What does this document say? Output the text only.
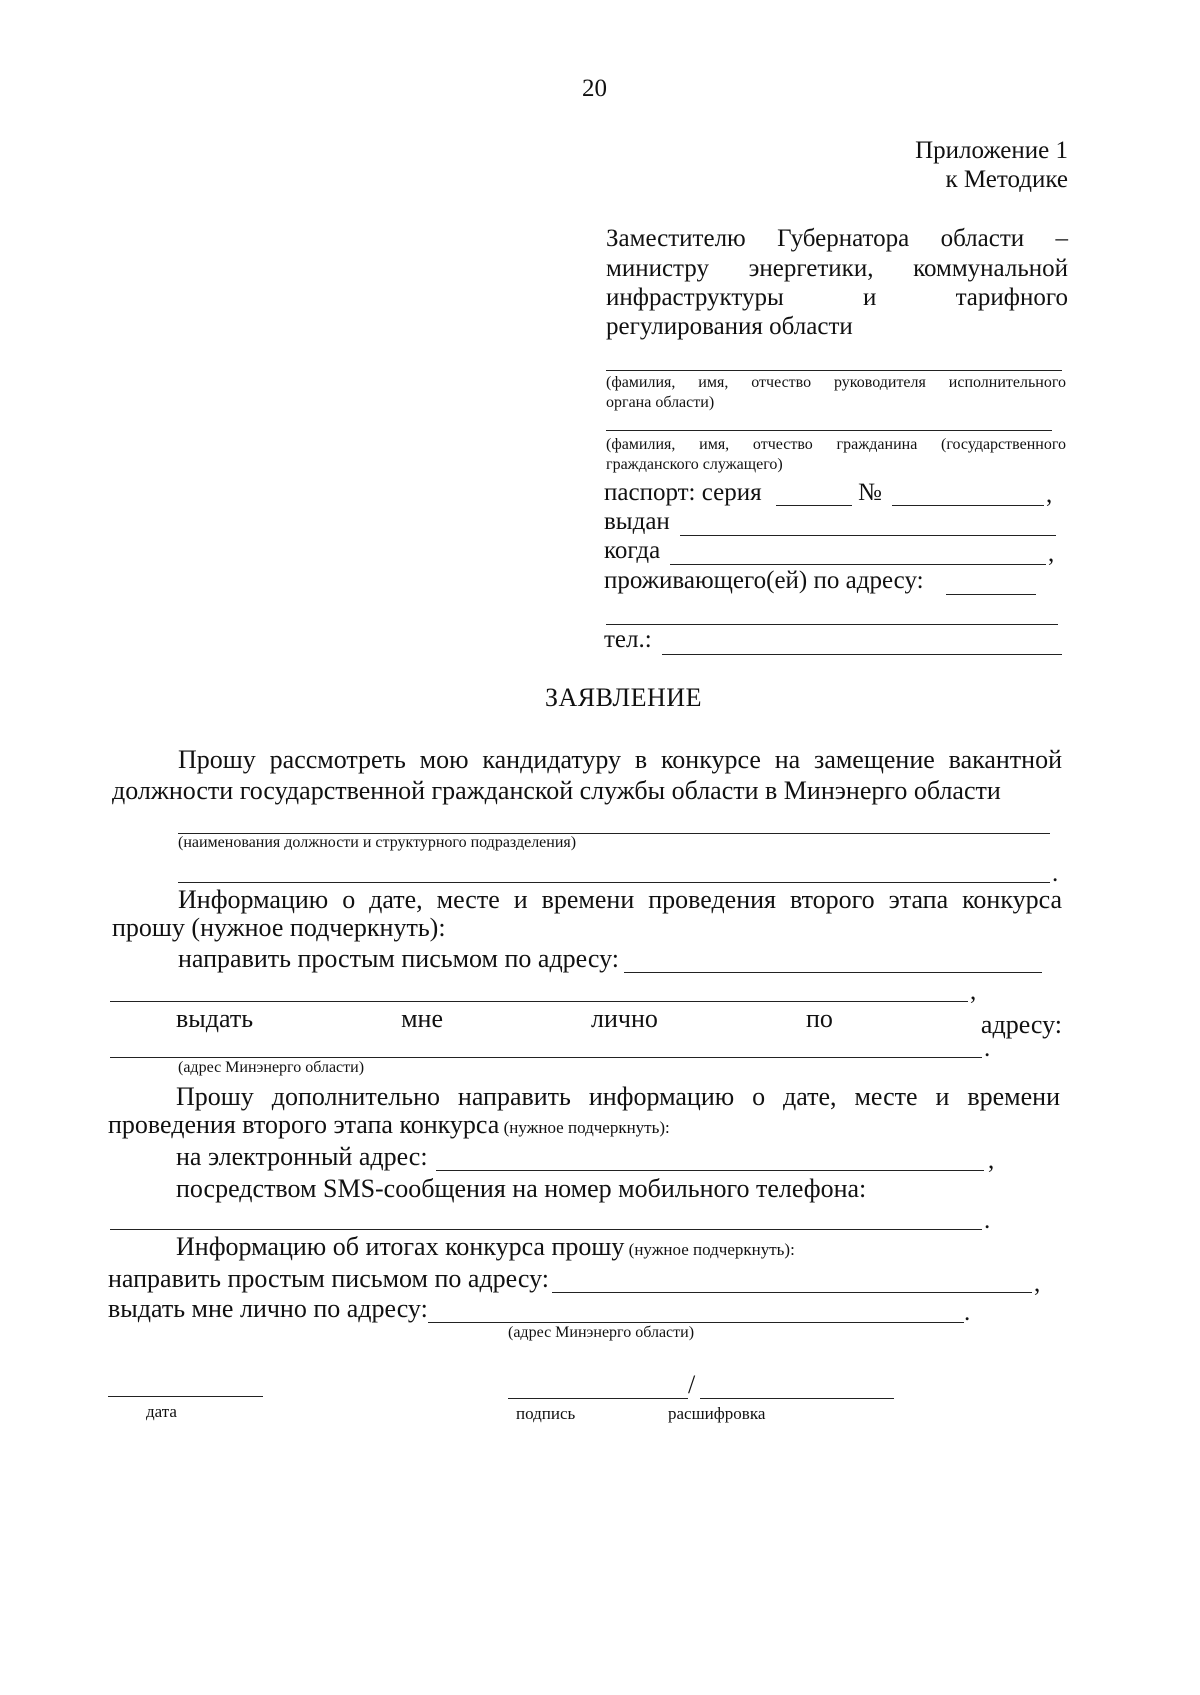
20
Приложение 1
к Методике
Заместителю Губернатора области –
министру энергетики, коммунальной
инфраструктуры	и	тарифного
регулирования области
(фамилия, имя, отчество руководителя исполнительного
органа области)
(фамилия, имя, отчество гражданина (государственного
гражданского служащего)
паспорт: серия	№	,
выдан
когда	,
проживающего(ей) по адресу:
тел.:
ЗАЯВЛЕНИЕ
Прошу рассмотреть мою кандидатуру в конкурсе на замещение вакантной
должности государственной гражданской службы области в Минэнерго области
(наименования должности и структурного подразделения)
.
Информацию о дате, месте и времени проведения второго этапа конкурса
прошу (нужное подчеркнуть):
направить простым письмом по адресу:
,
выдать	мне	лично	по	адресу:
.
(адрес Минэнерго области)
Прошу дополнительно направить информацию о дате, месте и времени
проведения второго этапа конкурса (нужное подчеркнуть):
на электронный адрес:	,
посредством SMS-сообщения на номер мобильного телефона:
.
Информацию об итогах конкурса прошу (нужное подчеркнуть):
направить простым письмом по адресу:	,
выдать мне лично по адресу:	.
(адрес Минэнерго области)
дата
/
подпись	расшифровка
